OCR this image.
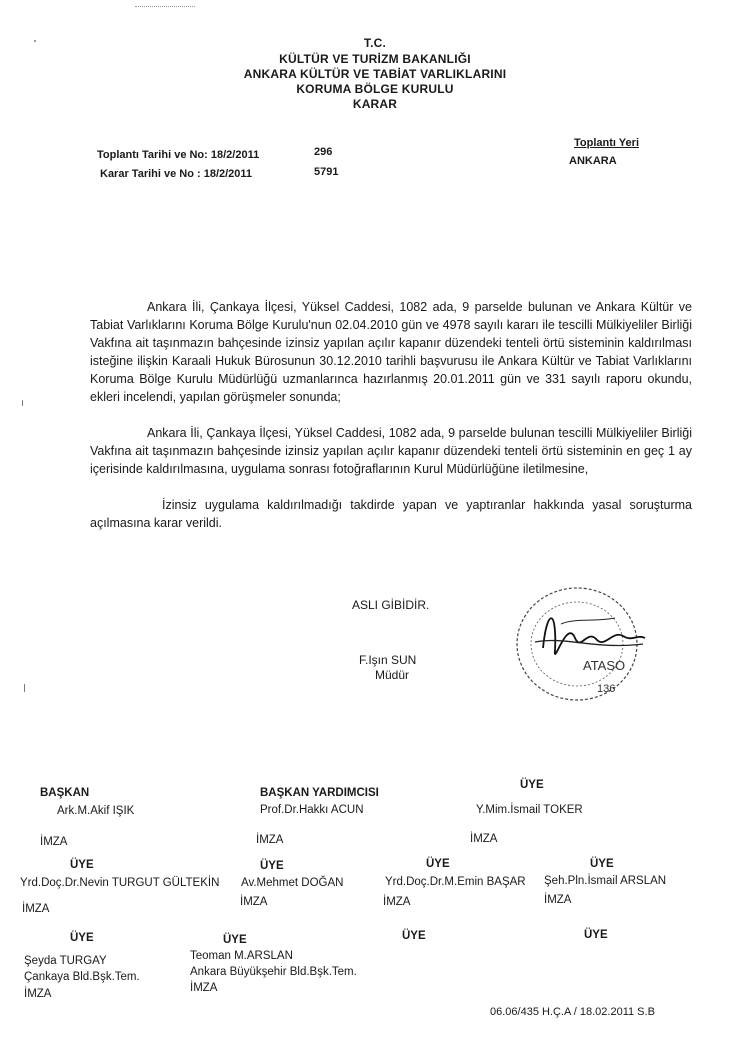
T.C.
KÜLTÜR VE TURİZM BAKANLIĞI
ANKARA KÜLTÜR VE TABİAT VARLIKLARINI
KORUMA BÖLGE KURULU
KARAR
Toplantı Tarihi ve No: 18/2/2011	296
Karar Tarihi ve No : 18/2/2011	5791
Toplantı Yeri
ANKARA
Ankara İli, Çankaya İlçesi, Yüksel Caddesi, 1082 ada, 9 parselde bulunan ve Ankara Kültür ve Tabiat Varlıklarını Koruma Bölge Kurulu'nun 02.04.2010 gün ve 4978 sayılı kararı ile tescilli Mülkiyeliler Birliği Vakfına ait taşınmazın bahçesinde izinsiz yapılan açılır kapanır düzendeki tenteli örtü sisteminin kaldırılması isteğine ilişkin Karaali Hukuk Bürosunun 30.12.2010 tarihli başvurusu ile Ankara Kültür ve Tabiat Varlıklarını Koruma Bölge Kurulu Müdürlüğü uzmanlarınca hazırlanmış 20.01.2011 gün ve 331 sayılı raporu okundu, ekleri incelendi, yapılan görüşmeler sonunda;
Ankara İli, Çankaya İlçesi, Yüksel Caddesi, 1082 ada, 9 parselde bulunan tescilli Mülkiyeliler Birliği Vakfına ait taşınmazın bahçesinde izinsiz yapılan açılır kapanır düzendeki tenteli örtü sisteminin en geç 1 ay içerisinde kaldırılmasına, uygulama sonrası fotoğraflarının Kurul Müdürlüğüne iletilmesine,
İzinsiz uygulama kaldırılmadığı takdirde yapan ve yaptıranlar hakkında yasal soruşturma açılmasına karar verildi.
ASLI GİBİDİR.
F.Işın SUN
Müdür
ATASO
136
BAŞKAN
Ark.M.Akif IŞIK
İMZA
BAŞKAN YARDIMCISI
Prof.Dr.Hakkı ACUN
İMZA
ÜYE
Y.Mim.İsmail TOKER
İMZA
ÜYE
Yrd.Doç.Dr.Nevin TURGUT GÜLTEKİN
İMZA
ÜYE
Av.Mehmet DOĞAN
İMZA
ÜYE
Yrd.Doç.Dr.M.Emin BAŞAR
İMZA
ÜYE
Şeh.Pln.İsmail ARSLAN
İMZA
ÜYE
Şeyda TURGAY
Çankaya Bld.Bşk.Tem.
İMZA
ÜYE
Teoman M.ARSLAN
Ankara Büyükşehir Bld.Bşk.Tem.
İMZA
ÜYE	ÜYE
06.06/435 H.Ç.A / 18.02.2011 S.B
